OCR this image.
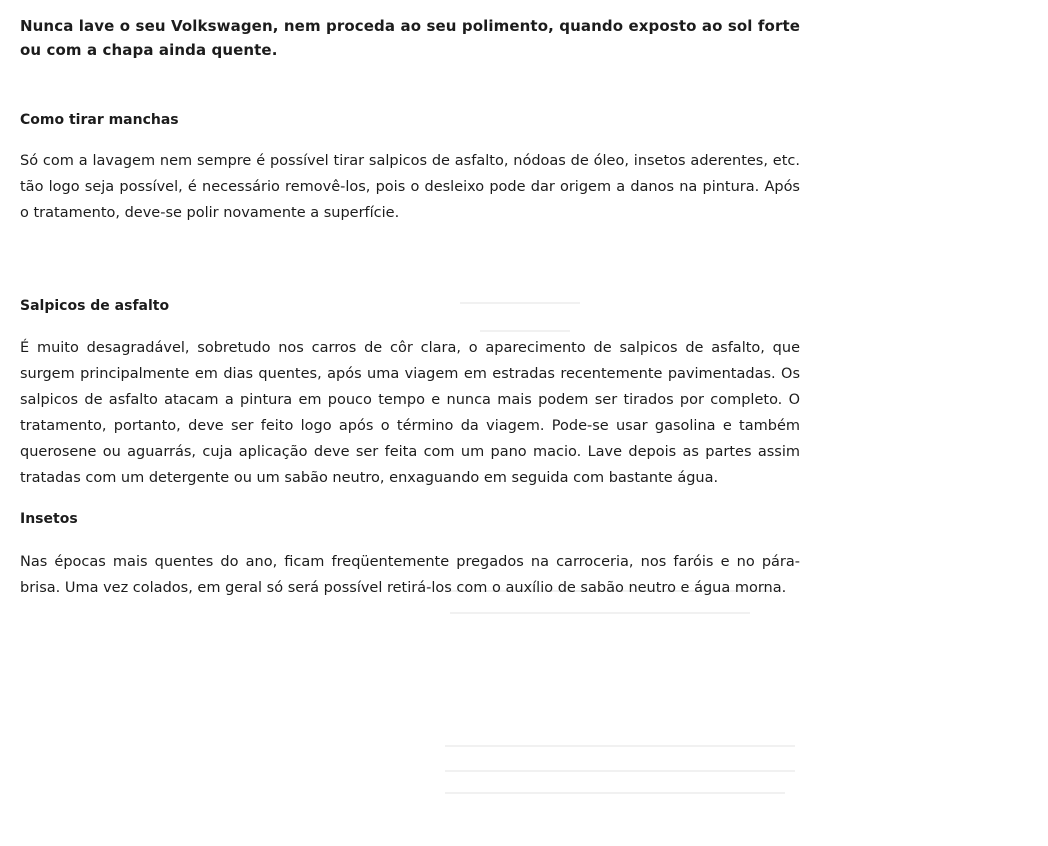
Nunca lave o seu Volkswagen, nem proceda ao seu polimento, quando exposto ao sol forte ou com a chapa ainda quente.

Como tirar manchas

Só com a lavagem nem sempre é possível tirar salpicos de asfalto, nódoas de óleo, insetos aderentes, etc. tão logo seja possível, é necessário removê-los, pois o desleixo pode dar origem a danos na pintura. Após o tratamento, deve-se polir novamente a superfície.

Salpicos de asfalto

É muito desagradável, sobretudo nos carros de côr clara, o aparecimento de salpicos de asfalto, que surgem principalmente em dias quentes, após uma viagem em estradas recentemente pavimentadas. Os salpicos de asfalto atacam a pintura em pouco tempo e nunca mais podem ser tirados por completo. O tratamento, portanto, deve ser feito logo após o término da viagem. Pode-se usar gasolina e também querosene ou aguarrás, cuja aplicação deve ser feita com um pano macio. Lave depois as partes assim tratadas com um detergente ou um sabão neutro, enxaguando em seguida com bastante água.

Insetos

Nas épocas mais quentes do ano, ficam freqüentemente pregados na carroceria, nos faróis e no pára-brisa. Uma vez colados, em geral só será possível retirá-los com o auxílio de sabão neutro e água morna.
